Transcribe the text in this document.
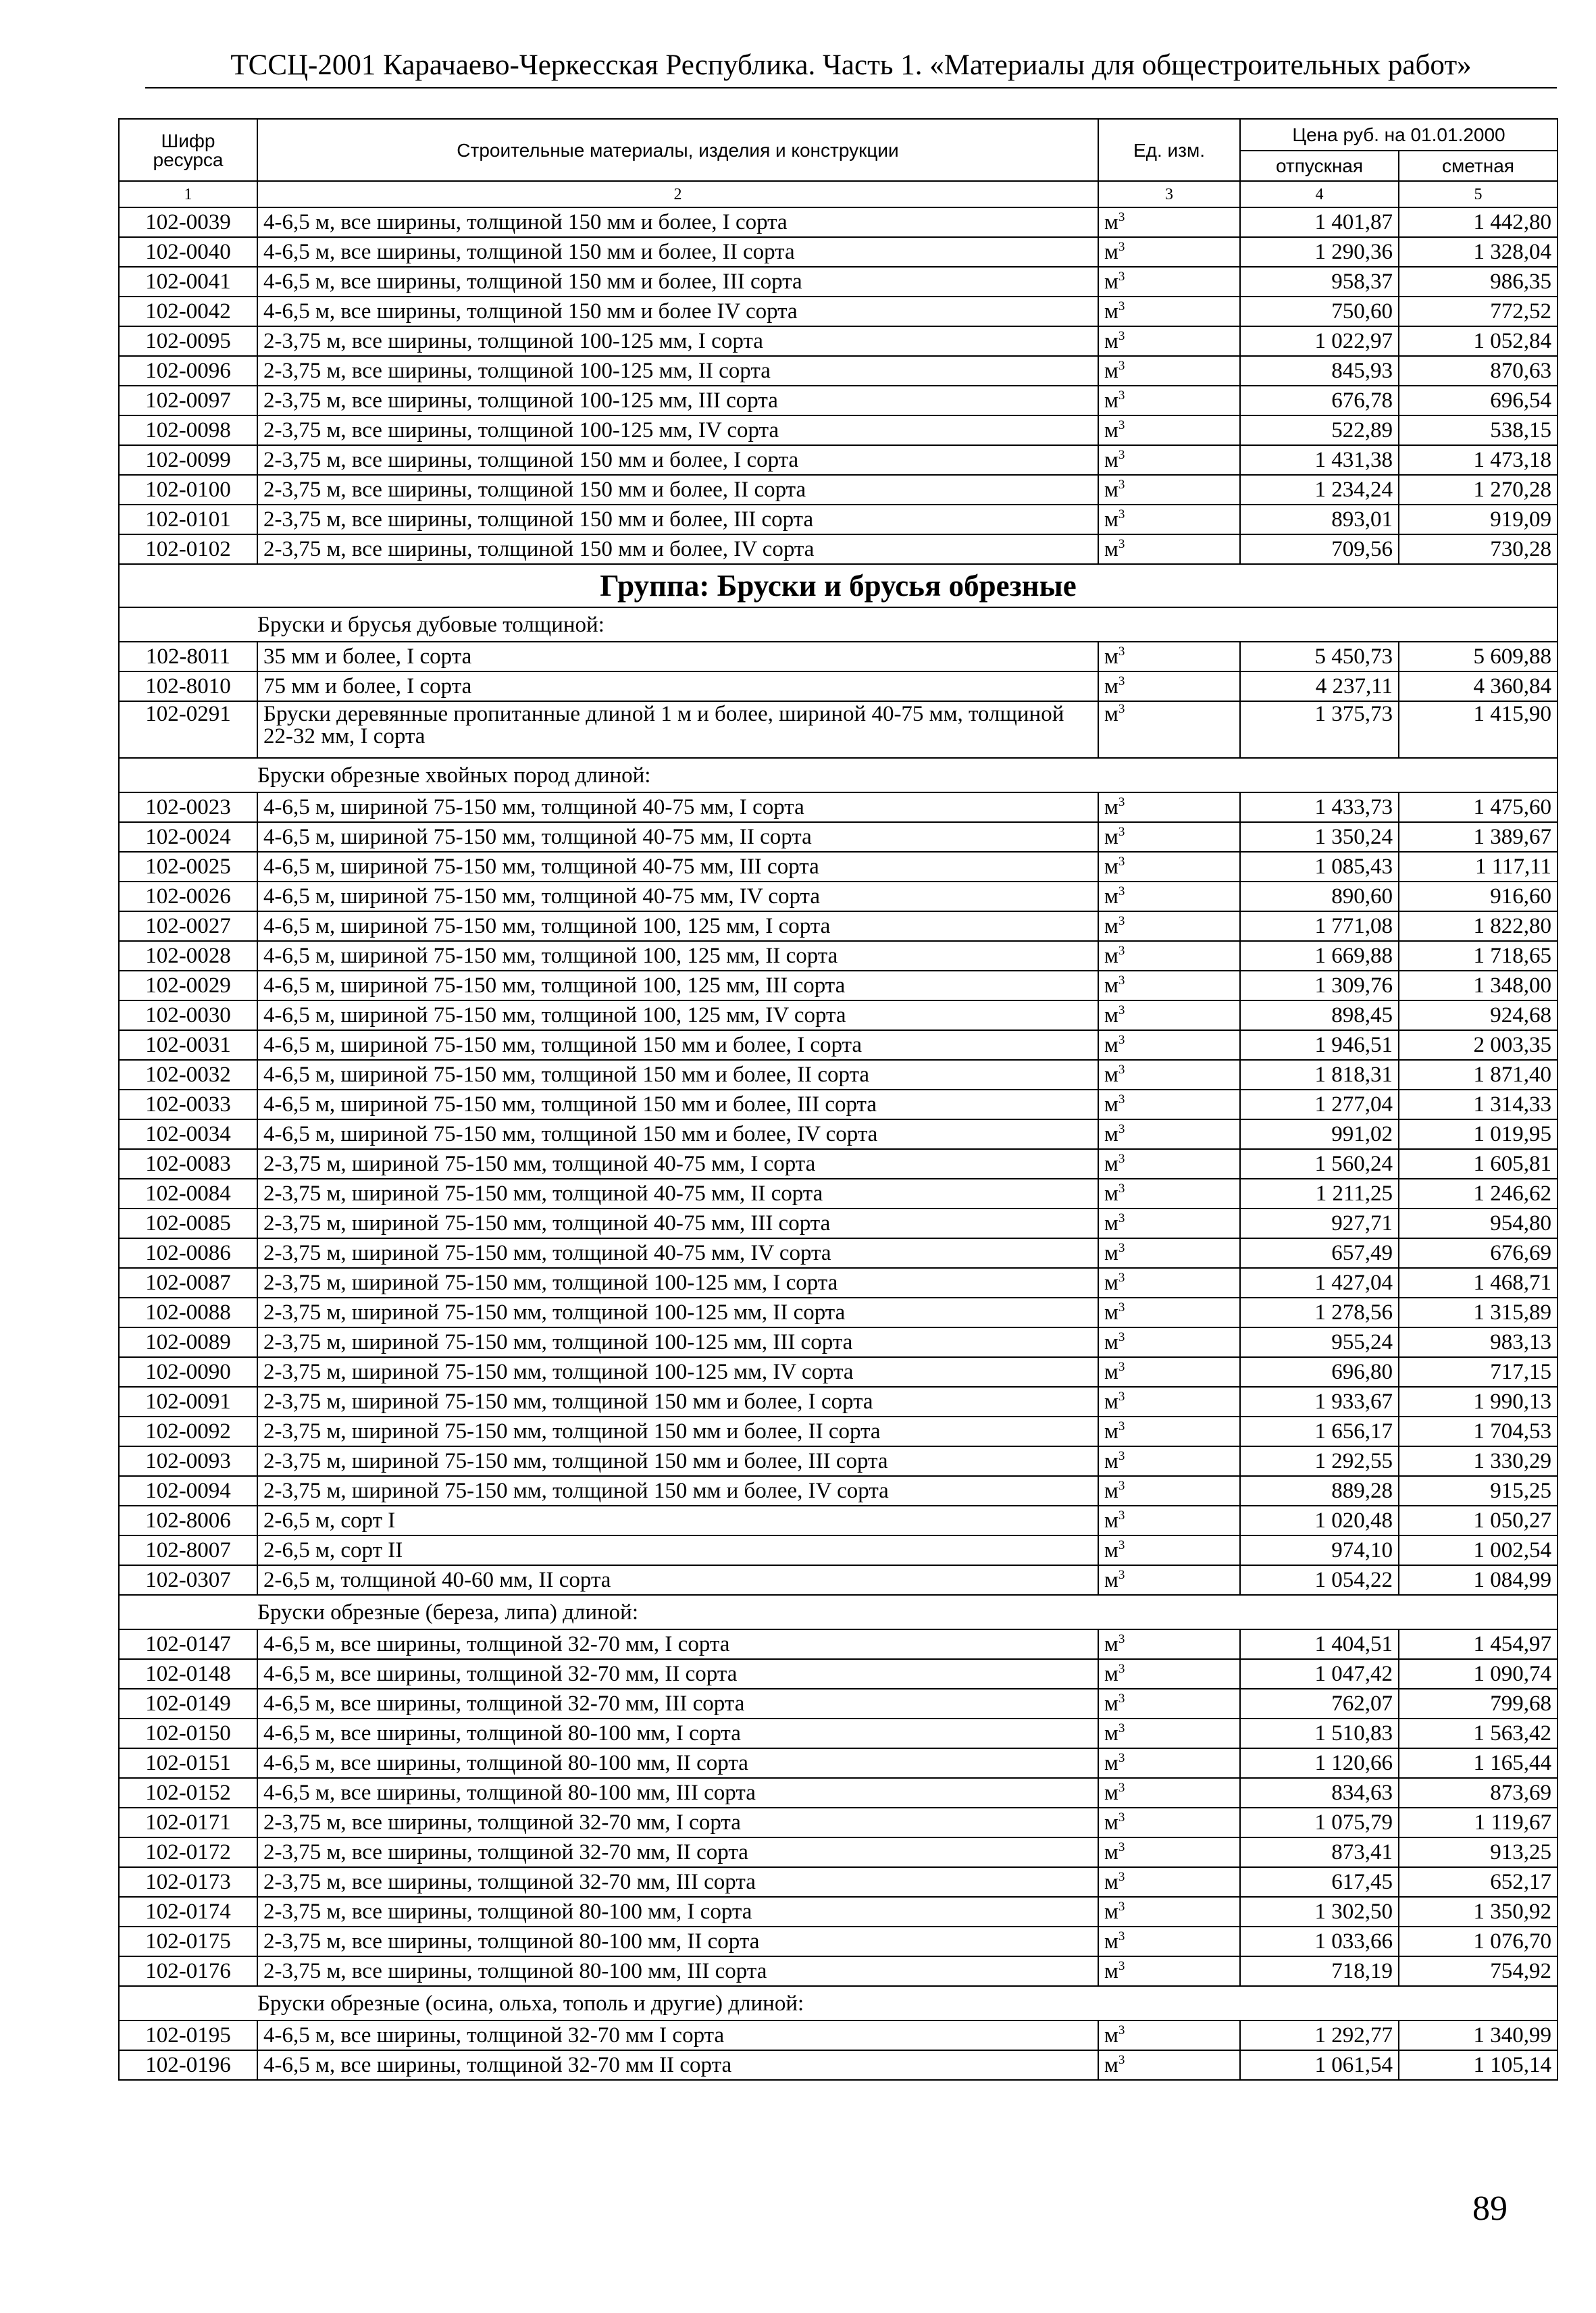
ТССЦ-2001 Карачаево-Черкесская Республика. Часть 1. «Материалы для общестроительных работ»
Шифр ресурса	Строительные материалы, изделия и конструкции	Ед. изм.	Цена руб. на 01.01.2000	
			отпускная	сметная
1	2	3	4	5
102-0039	4-6,5 м, все ширины, толщиной 150 мм и более, I сорта	$м^3$	1 401,87	1 442,80
102-0040	4-6,5 м, все ширины, толщиной 150 мм и более, II сорта	$м^3$	1 290,36	1 328,04
102-0041	4-6,5 м, все ширины, толщиной 150 мм и более, III сорта	$м^3$	958,37	986,35
102-0042	4-6,5 м, все ширины, толщиной 150 мм и более IV сорта	$м^3$	750,60	772,52
102-0095	2-3,75 м, все ширины, толщиной 100-125 мм, I сорта	$м^3$	1 022,97	1 052,84
102-0096	2-3,75 м, все ширины, толщиной 100-125 мм, II сорта	$м^3$	845,93	870,63
102-0097	2-3,75 м, все ширины, толщиной 100-125 мм, III сорта	$м^3$	676,78	696,54
102-0098	2-3,75 м, все ширины, толщиной 100-125 мм, IV сорта	$м^3$	522,89	538,15
102-0099	2-3,75 м, все ширины, толщиной 150 мм и более, I сорта	$м^3$	1 431,38	1 473,18
102-0100	2-3,75 м, все ширины, толщиной 150 мм и более, II сорта	$м^3$	1 234,24	1 270,28
102-0101	2-3,75 м, все ширины, толщиной 150 мм и более, III сорта	$м^3$	893,01	919,09
102-0102	2-3,75 м, все ширины, толщиной 150 мм и более, IV сорта	$м^3$	709,56	730,28
Группа: Бруски и брусья обрезные				
Бруски и брусья дубовые толщиной:				
102-8011	35 мм и более, I сорта	$м^3$	5 450,73	5 609,88
102-8010	75 мм и более, I сорта	$м^3$	4 237,11	4 360,84
102-0291	Бруски деревянные пропитанные длиной 1 м и более, шириной 40-75 мм, толщиной 22-32 мм, I сорта	$м^3$	1 375,73	1 415,90
Бруски обрезные хвойных пород длиной:				
102-0023	4-6,5 м, шириной 75-150 мм, толщиной 40-75 мм, I сорта	$м^3$	1 433,73	1 475,60
102-0024	4-6,5 м, шириной 75-150 мм, толщиной 40-75 мм, II сорта	$м^3$	1 350,24	1 389,67
102-0025	4-6,5 м, шириной 75-150 мм, толщиной 40-75 мм, III сорта	$м^3$	1 085,43	1 117,11
102-0026	4-6,5 м, шириной 75-150 мм, толщиной 40-75 мм, IV сорта	$м^3$	890,60	916,60
102-0027	4-6,5 м, шириной 75-150 мм, толщиной 100, 125 мм, I сорта	$м^3$	1 771,08	1 822,80
102-0028	4-6,5 м, шириной 75-150 мм, толщиной 100, 125 мм, II сорта	$м^3$	1 669,88	1 718,65
102-0029	4-6,5 м, шириной 75-150 мм, толщиной 100, 125 мм, III сорта	$м^3$	1 309,76	1 348,00
102-0030	4-6,5 м, шириной 75-150 мм, толщиной 100, 125 мм, IV сорта	$м^3$	898,45	924,68
102-0031	4-6,5 м, шириной 75-150 мм, толщиной 150 мм и более, I сорта	$м^3$	1 946,51	2 003,35
102-0032	4-6,5 м, шириной 75-150 мм, толщиной 150 мм и более, II сорта	$м^3$	1 818,31	1 871,40
102-0033	4-6,5 м, шириной 75-150 мм, толщиной 150 мм и более, III сорта	$м^3$	1 277,04	1 314,33
102-0034	4-6,5 м, шириной 75-150 мм, толщиной 150 мм и более, IV сорта	$м^3$	991,02	1 019,95
102-0083	2-3,75 м, шириной 75-150 мм, толщиной 40-75 мм, I сорта	$м^3$	1 560,24	1 605,81
102-0084	2-3,75 м, шириной 75-150 мм, толщиной 40-75 мм, II сорта	$м^3$	1 211,25	1 246,62
102-0085	2-3,75 м, шириной 75-150 мм, толщиной 40-75 мм, III сорта	$м^3$	927,71	954,80
102-0086	2-3,75 м, шириной 75-150 мм, толщиной 40-75 мм, IV сорта	$м^3$	657,49	676,69
102-0087	2-3,75 м, шириной 75-150 мм, толщиной 100-125 мм, I сорта	$м^3$	1 427,04	1 468,71
102-0088	2-3,75 м, шириной 75-150 мм, толщиной 100-125 мм, II сорта	$м^3$	1 278,56	1 315,89
102-0089	2-3,75 м, шириной 75-150 мм, толщиной 100-125 мм, III сорта	$м^3$	955,24	983,13
102-0090	2-3,75 м, шириной 75-150 мм, толщиной 100-125 мм, IV сорта	$м^3$	696,80	717,15
102-0091	2-3,75 м, шириной 75-150 мм, толщиной 150 мм и более, I сорта	$м^3$	1 933,67	1 990,13
102-0092	2-3,75 м, шириной 75-150 мм, толщиной 150 мм и более, II сорта	$м^3$	1 656,17	1 704,53
102-0093	2-3,75 м, шириной 75-150 мм, толщиной 150 мм и более, III сорта	$м^3$	1 292,55	1 330,29
102-0094	2-3,75 м, шириной 75-150 мм, толщиной 150 мм и более, IV сорта	$м^3$	889,28	915,25
102-8006	2-6,5 м, сорт I	$м^3$	1 020,48	1 050,27
102-8007	2-6,5 м, сорт II	$м^3$	974,10	1 002,54
102-0307	2-6,5 м, толщиной 40-60 мм, II сорта	$м^3$	1 054,22	1 084,99
Бруски обрезные (береза, липа) длиной:				
102-0147	4-6,5 м, все ширины, толщиной 32-70 мм, I сорта	$м^3$	1 404,51	1 454,97
102-0148	4-6,5 м, все ширины, толщиной 32-70 мм, II сорта	$м^3$	1 047,42	1 090,74
102-0149	4-6,5 м, все ширины, толщиной 32-70 мм, III сорта	$м^3$	762,07	799,68
102-0150	4-6,5 м, все ширины, толщиной 80-100 мм, I сорта	$м^3$	1 510,83	1 563,42
102-0151	4-6,5 м, все ширины, толщиной 80-100 мм, II сорта	$м^3$	1 120,66	1 165,44
102-0152	4-6,5 м, все ширины, толщиной 80-100 мм, III сорта	$м^3$	834,63	873,69
102-0171	2-3,75 м, все ширины, толщиной 32-70 мм, I сорта	$м^3$	1 075,79	1 119,67
102-0172	2-3,75 м, все ширины, толщиной 32-70 мм, II сорта	$м^3$	873,41	913,25
102-0173	2-3,75 м, все ширины, толщиной 32-70 мм, III сорта	$м^3$	617,45	652,17
102-0174	2-3,75 м, все ширины, толщиной 80-100 мм, I сорта	$м^3$	1 302,50	1 350,92
102-0175	2-3,75 м, все ширины, толщиной 80-100 мм, II сорта	$м^3$	1 033,66	1 076,70
102-0176	2-3,75 м, все ширины, толщиной 80-100 мм, III сорта	$м^3$	718,19	754,92
Бруски обрезные (осина, ольха, тополь и другие) длиной:				
102-0195	4-6,5 м, все ширины, толщиной 32-70 мм I сорта	$м^3$	1 292,77	1 340,99
102-0196	4-6,5 м, все ширины, толщиной 32-70 мм II сорта	$м^3$	1 061,54	1 105,14
89
